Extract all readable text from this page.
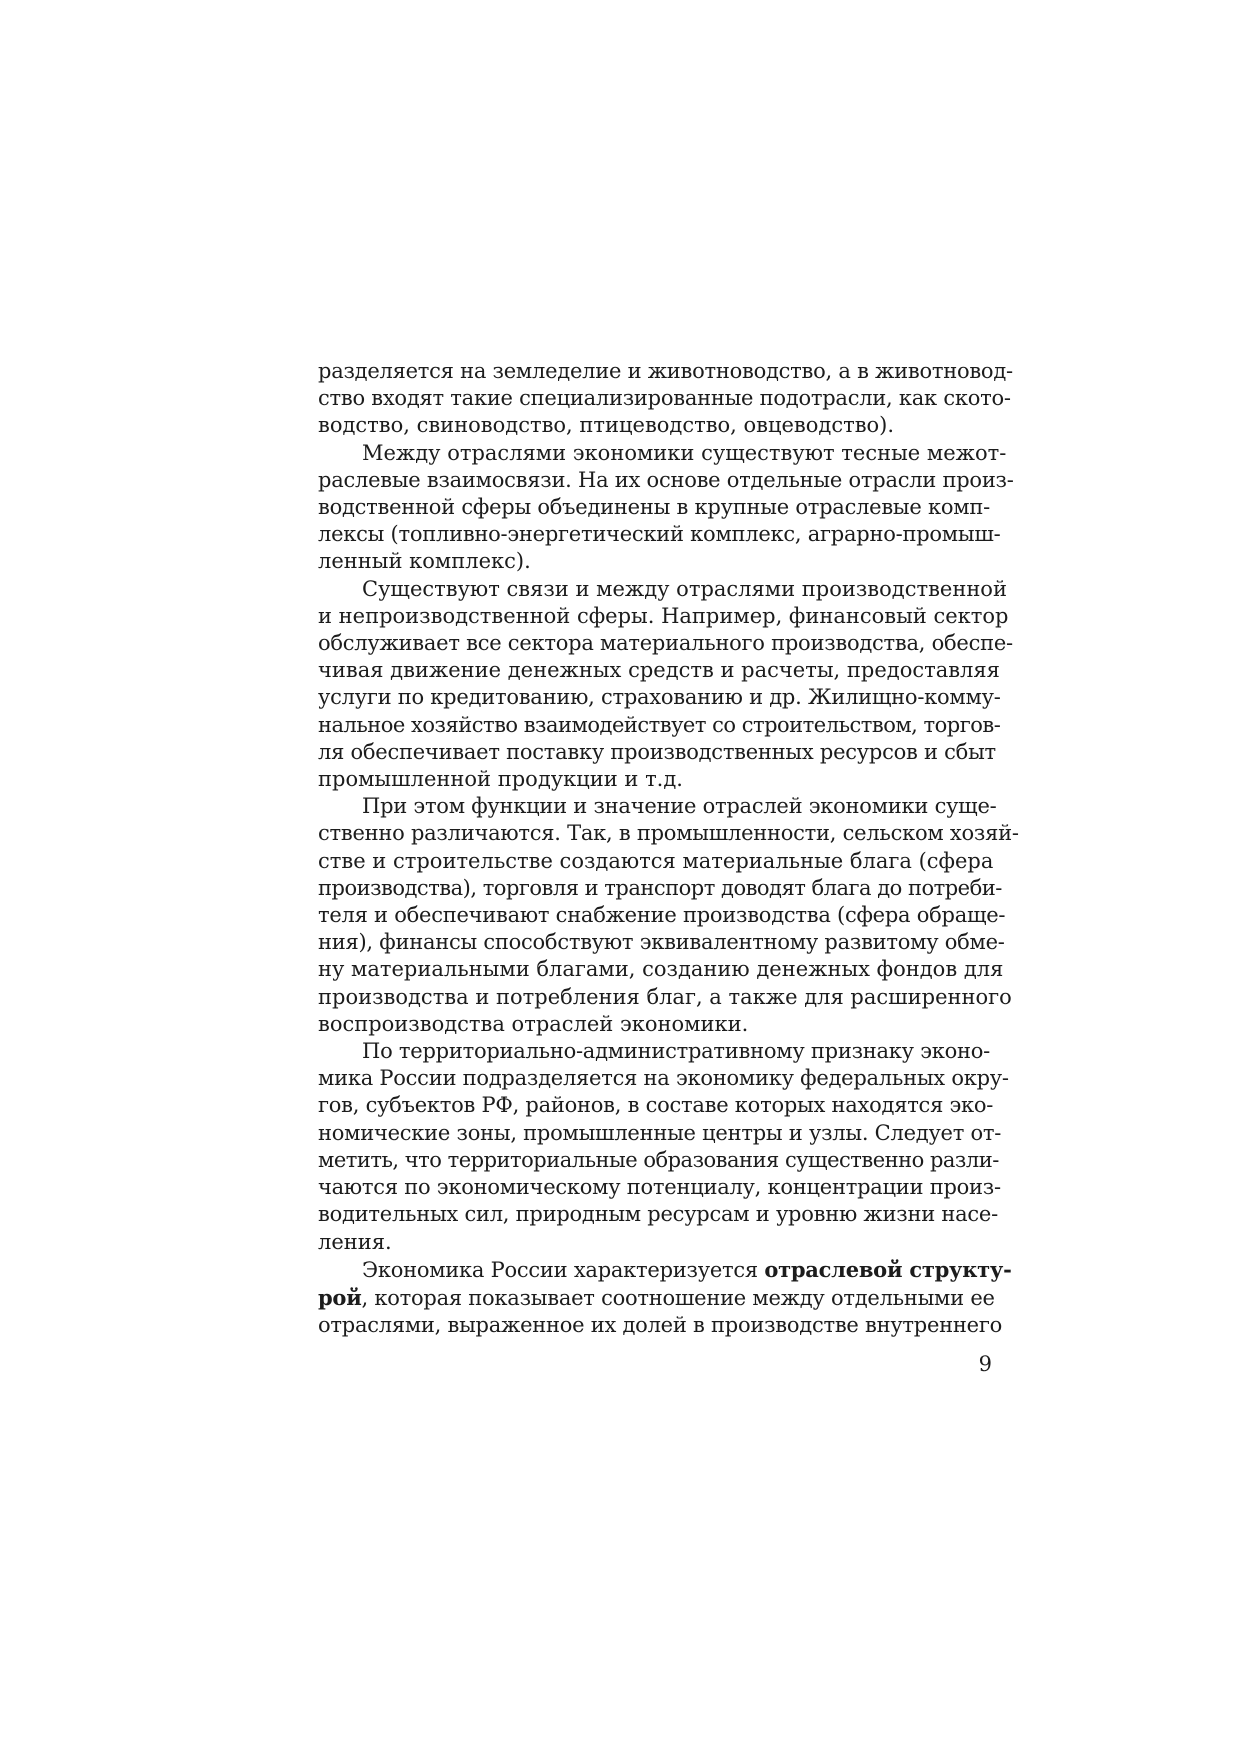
разделяется на земледелие и животноводство, а в животновод-
ство входят такие специализированные подотрасли, как ското-
водство, свиноводство, птицеводство, овцеводство).

Между отраслями экономики существуют тесные межот-
раслевые взаимосвязи. На их основе отдельные отрасли произ-
водственной сферы объединены в крупные отраслевые комп-
лексы (топливно-энергетический комплекс, аграрно-промыш-
ленный комплекс).

Существуют связи и между отраслями производственной
и непроизводственной сферы. Например, финансовый сектор
обслуживает все сектора материального производства, обеспе-
чивая движение денежных средств и расчеты, предоставляя
услуги по кредитованию, страхованию и др. Жилищно-комму-
нальное хозяйство взаимодействует со строительством, торгов-
ля обеспечивает поставку производственных ресурсов и сбыт
промышленной продукции и т.д.

При этом функции и значение отраслей экономики суще-
ственно различаются. Так, в промышленности, сельском хозяй-
стве и строительстве создаются материальные блага (сфера
производства), торговля и транспорт доводят блага до потреби-
теля и обеспечивают снабжение производства (сфера обраще-
ния), финансы способствуют эквивалентному развитому обме-
ну материальными благами, созданию денежных фондов для
производства и потребления благ, а также для расширенного
воспроизводства отраслей экономики.

По территориально-административному признаку эконо-
мика России подразделяется на экономику федеральных окру-
гов, субъектов РФ, районов, в составе которых находятся эко-
номические зоны, промышленные центры и узлы. Следует от-
метить, что территориальные образования существенно разли-
чаются по экономическому потенциалу, концентрации произ-
водительных сил, природным ресурсам и уровню жизни насе-
ления.

Экономика России характеризуется отраслевой структу-
рой, которая показывает соотношение между отдельными ее
отраслями, выраженное их долей в производстве внутреннего

9
